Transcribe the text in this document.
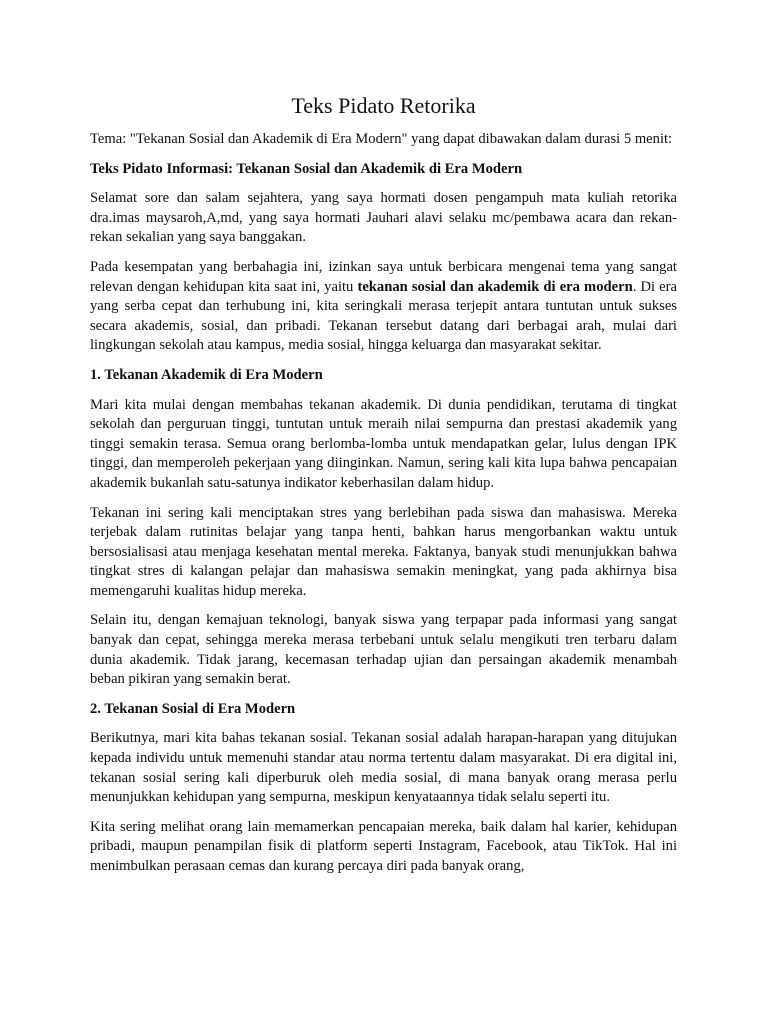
Teks Pidato Retorika

Tema: "Tekanan Sosial dan Akademik di Era Modern" yang dapat dibawakan dalam durasi 5 menit:

Teks Pidato Informasi: Tekanan Sosial dan Akademik di Era Modern

Selamat sore dan salam sejahtera, yang saya hormati dosen pengampuh mata kuliah retorika dra.imas maysaroh,A,md, yang saya hormati Jauhari alavi selaku mc/pembawa acara dan rekan-rekan sekalian yang saya banggakan.

Pada kesempatan yang berbahagia ini, izinkan saya untuk berbicara mengenai tema yang sangat relevan dengan kehidupan kita saat ini, yaitu tekanan sosial dan akademik di era modern. Di era yang serba cepat dan terhubung ini, kita seringkali merasa terjepit antara tuntutan untuk sukses secara akademis, sosial, dan pribadi. Tekanan tersebut datang dari berbagai arah, mulai dari lingkungan sekolah atau kampus, media sosial, hingga keluarga dan masyarakat sekitar.

1. Tekanan Akademik di Era Modern

Mari kita mulai dengan membahas tekanan akademik. Di dunia pendidikan, terutama di tingkat sekolah dan perguruan tinggi, tuntutan untuk meraih nilai sempurna dan prestasi akademik yang tinggi semakin terasa. Semua orang berlomba-lomba untuk mendapatkan gelar, lulus dengan IPK tinggi, dan memperoleh pekerjaan yang diinginkan. Namun, sering kali kita lupa bahwa pencapaian akademik bukanlah satu-satunya indikator keberhasilan dalam hidup.

Tekanan ini sering kali menciptakan stres yang berlebihan pada siswa dan mahasiswa. Mereka terjebak dalam rutinitas belajar yang tanpa henti, bahkan harus mengorbankan waktu untuk bersosialisasi atau menjaga kesehatan mental mereka. Faktanya, banyak studi menunjukkan bahwa tingkat stres di kalangan pelajar dan mahasiswa semakin meningkat, yang pada akhirnya bisa memengaruhi kualitas hidup mereka.

Selain itu, dengan kemajuan teknologi, banyak siswa yang terpapar pada informasi yang sangat banyak dan cepat, sehingga mereka merasa terbebani untuk selalu mengikuti tren terbaru dalam dunia akademik. Tidak jarang, kecemasan terhadap ujian dan persaingan akademik menambah beban pikiran yang semakin berat.

2. Tekanan Sosial di Era Modern

Berikutnya, mari kita bahas tekanan sosial. Tekanan sosial adalah harapan-harapan yang ditujukan kepada individu untuk memenuhi standar atau norma tertentu dalam masyarakat. Di era digital ini, tekanan sosial sering kali diperburuk oleh media sosial, di mana banyak orang merasa perlu menunjukkan kehidupan yang sempurna, meskipun kenyataannya tidak selalu seperti itu.

Kita sering melihat orang lain memamerkan pencapaian mereka, baik dalam hal karier, kehidupan pribadi, maupun penampilan fisik di platform seperti Instagram, Facebook, atau TikTok. Hal ini menimbulkan perasaan cemas dan kurang percaya diri pada banyak orang,
